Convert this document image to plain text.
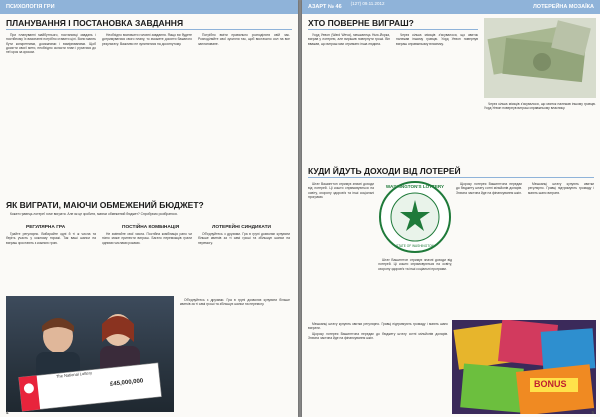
ПСИХОЛОГІЯ ГРИ
ПЛАНУВАННЯ І ПОСТАНОВКА ЗАВДАННЯ

При плануванні майбутнього, постановці завдань і постійному їх виконанні потрібно ставити цілі. Вони мають бути конкретними, досяжними і вимірюваними. Щоб досягти своєї мети, необхідно скласти план і рухатися до неї крок за кроком.

Необхідно визначити головні завдання. Якщо ви будете дотримуватися свого плану, то зможете досягти бажаного результату. Важливо не зупинятися на досягнутому.

Потрібно вміти правильно розподіляти свій час. Розподіляйте свої зусилля так, щоб вистачило сил на все заплановане.

ЯК ВИГРАТИ, МАЮЧИ ОБМЕЖЕНИЙ БЮДЖЕТ?

Кожен гравець лотереї хоче виграти. Але як це зробити, маючи обмежений бюджет? Спробуємо розібратися.

РЕГУЛЯРНА ГРА

Грайте регулярно. Вибирайте одні й ті ж числа та беріть участь у кожному тиражі. Так ваші шанси на виграш зростають з кожною грою.

ПОСТІЙНА КОМБІНАЦІЯ

Не змінюйте свої числа. Постійна комбінація рано чи пізно може принести виграш. Багато переможців грали одними числами роками.

ЛОТЕРЕЙНІ СИНДИКАТИ

Об'єднуйтесь з друзями. Гра в групі дозволяє купувати більше квитків за ті самі гроші та збільшує шанси на перемогу.

The National Lottery
£45,000,000

Об'єднуйтесь з друзями. Гра в групі дозволяє купувати більше квитків за ті самі гроші та збільшує шанси на перемогу.

4
АЗАРТ № 46
(127) 09.11.2012
ЛОТЕРЕЙНА МОЗАЇКА
ХТО ПОВЕРНЕ ВИГРАШ?

Уорд Уевон (Ward Weva), мешканець Нью-Йорка, виграв у лотерею, але вирішив повернути гроші. Він вважав, що виграш має отримати інша людина.

Через кілька місяців з'ясувалося, що квиток належав іншому гравцю. Уорд Уевон повернув виграш справжньому власнику.

Через кілька місяців з'ясувалося, що квиток належав іншому гравцю. Уорд Уевон повернув виграш справжньому власнику.

КУДИ ЙДУТЬ ДОХОДИ ВІД ЛОТЕРЕЙ

Штат Вашингтон отримує значні доходи від лотерей. Ці кошти спрямовуються на освіту, охорону здоров'я та інші соціальні програми.

WASHINGTON'S LOTTERY
STATE OF WASHINGTON

Щороку лотерея Вашингтона передає до бюджету штату сотні мільйонів доларів. Значна частина йде на фінансування шкіл.

Мешканці штату купують квитки регулярно. Гравці підтримують громаду і мають шанс виграти.

Штат Вашингтон отримує значні доходи від лотерей. Ці кошти спрямовуються на освіту, охорону здоров'я та інші соціальні програми.

BONUS

Мешканці штату купують квитки регулярно. Гравці підтримують громаду і мають шанс виграти.

Щороку лотерея Вашингтона передає до бюджету штату сотні мільйонів доларів. Значна частина йде на фінансування шкіл.

5
